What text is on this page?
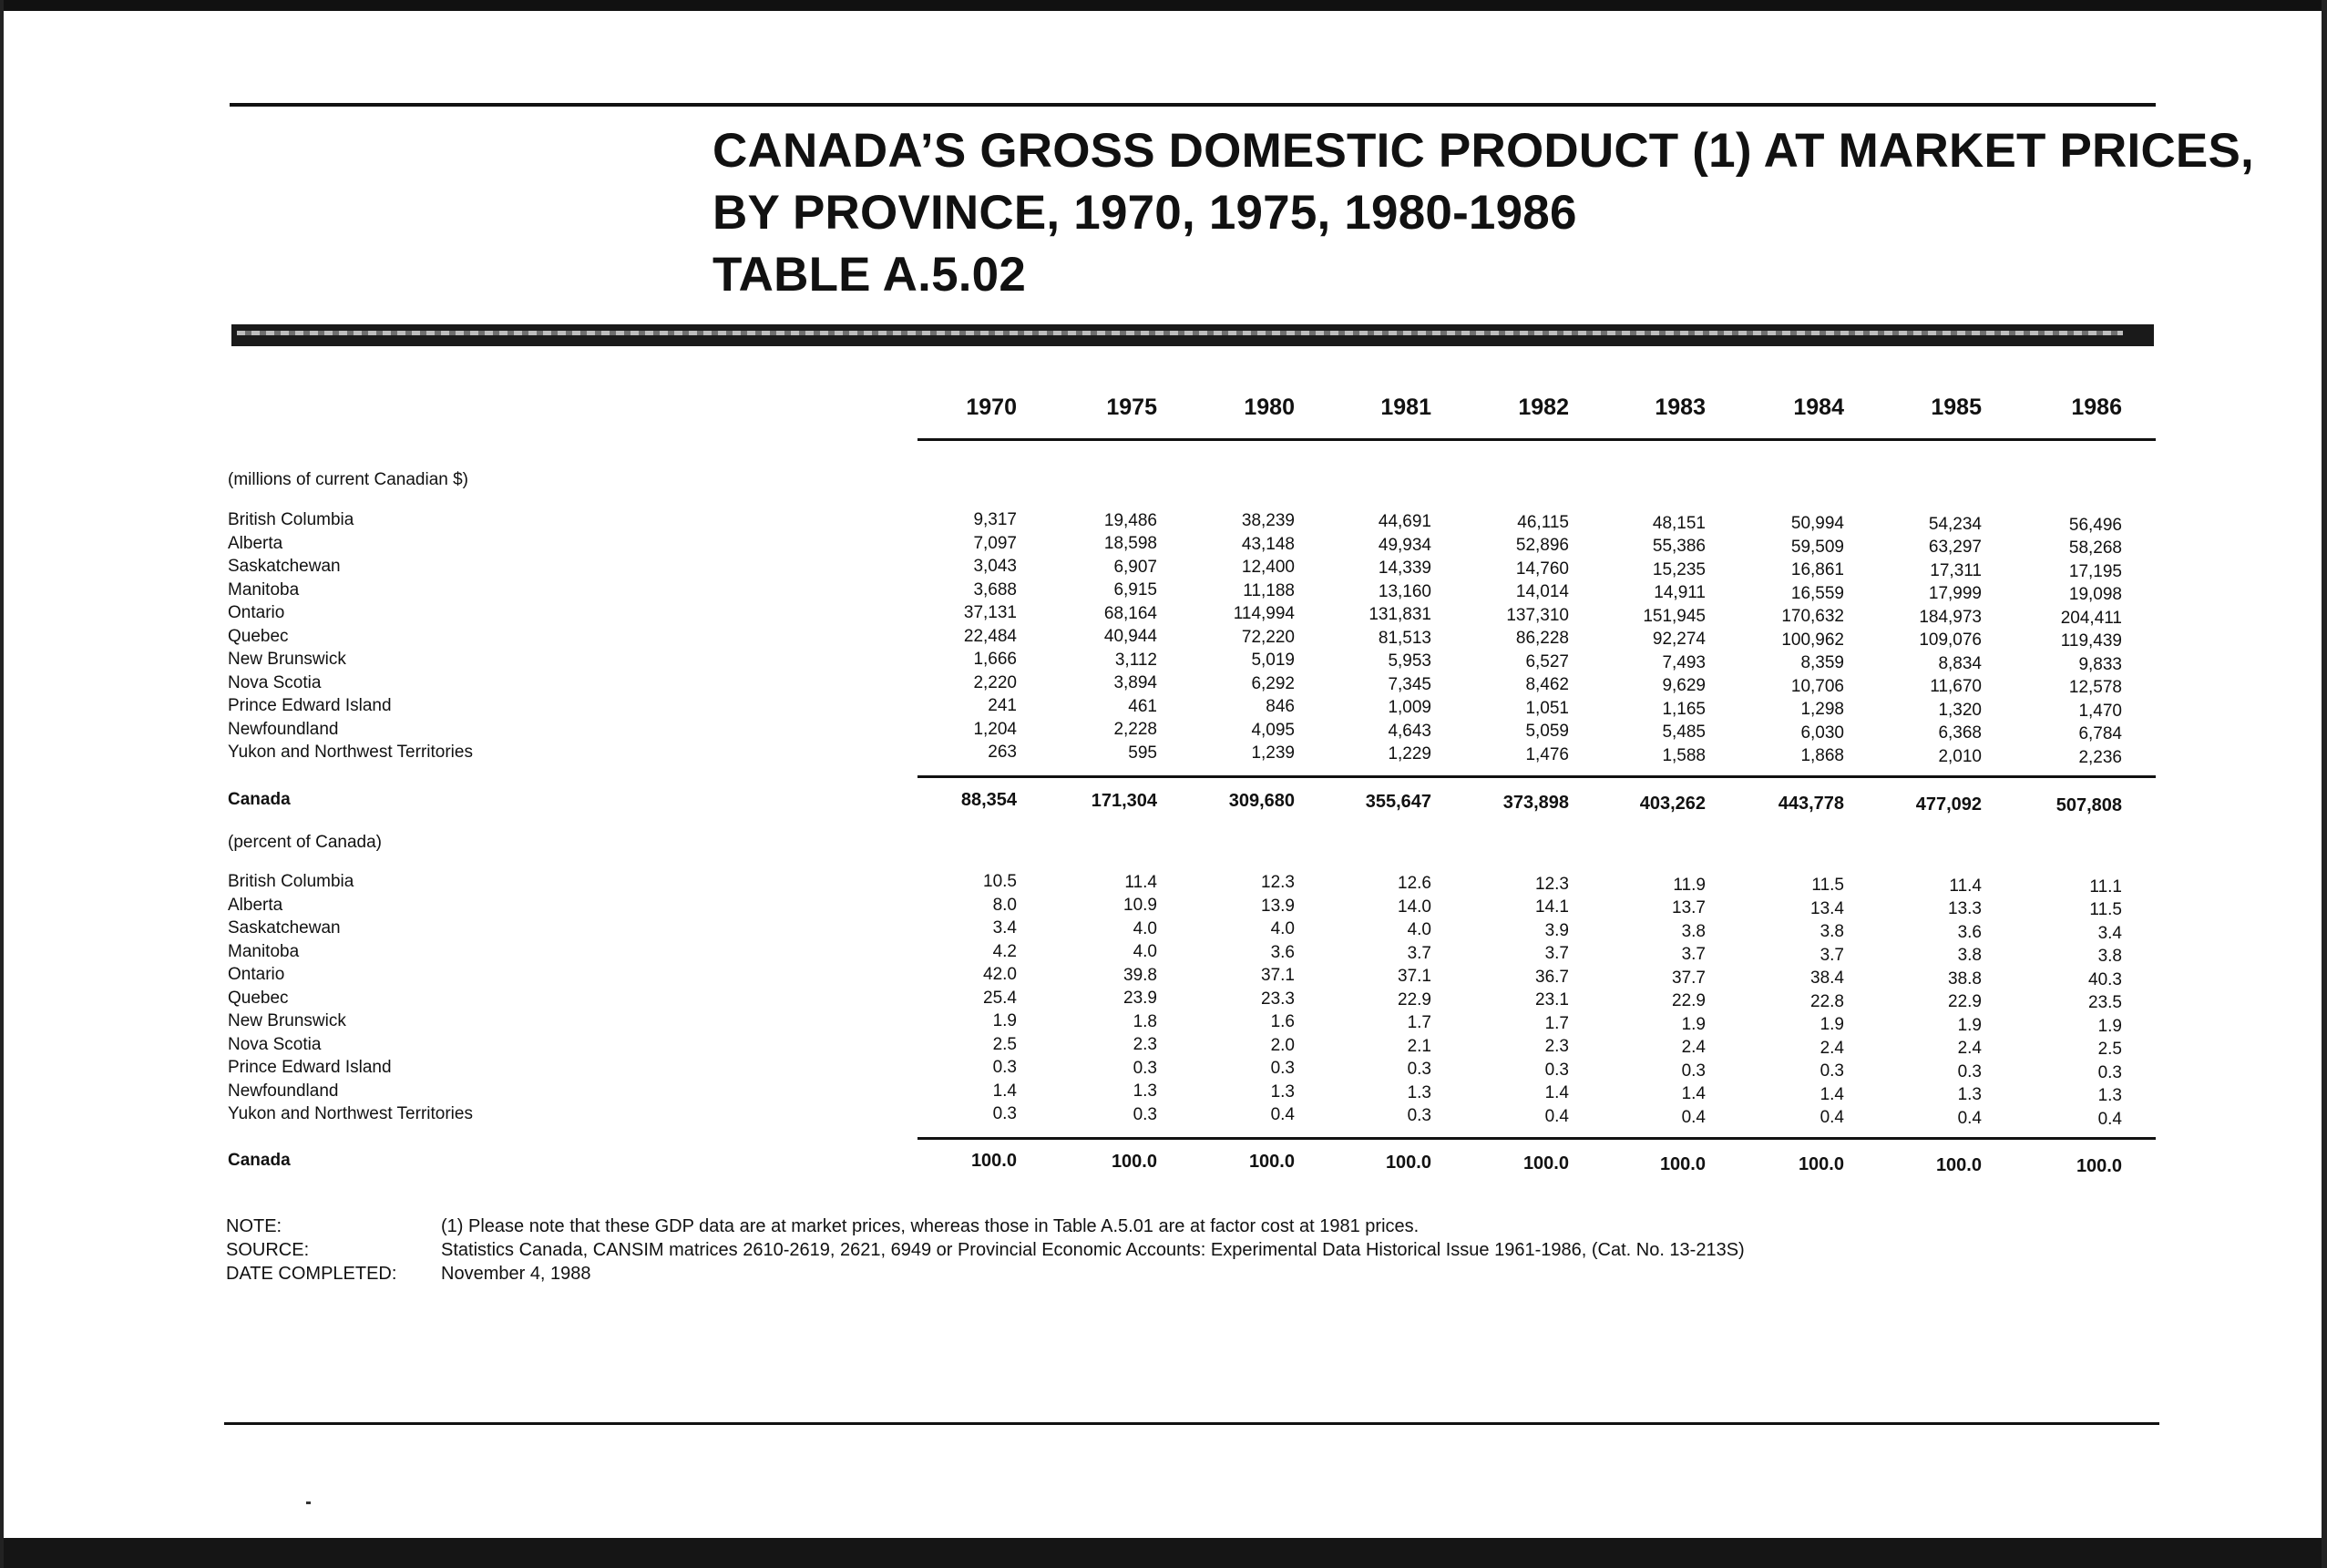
CANADA’S GROSS DOMESTIC PRODUCT (1) AT MARKET PRICES,
BY PROVINCE, 1970, 1975, 1980-1986
TABLE A.5.02
(millions of current Canadian $)
(percent of Canada)
1970	1975	1980	1981	1982	1983	1984	1985	1986
British Columbia	9,317	19,486	38,239	44,691	46,115	48,151	50,994	54,234	56,496
Alberta	7,097	18,598	43,148	49,934	52,896	55,386	59,509	63,297	58,268
Saskatchewan	3,043	6,907	12,400	14,339	14,760	15,235	16,861	17,311	17,195
Manitoba	3,688	6,915	11,188	13,160	14,014	14,911	16,559	17,999	19,098
Ontario	37,131	68,164	114,994	131,831	137,310	151,945	170,632	184,973	204,411
Quebec	22,484	40,944	72,220	81,513	86,228	92,274	100,962	109,076	119,439
New Brunswick	1,666	3,112	5,019	5,953	6,527	7,493	8,359	8,834	9,833
Nova Scotia	2,220	3,894	6,292	7,345	8,462	9,629	10,706	11,670	12,578
Prince Edward Island	241	461	846	1,009	1,051	1,165	1,298	1,320	1,470
Newfoundland	1,204	2,228	4,095	4,643	5,059	5,485	6,030	6,368	6,784
Yukon and Northwest Territories	263	595	1,239	1,229	1,476	1,588	1,868	2,010	2,236
Canada	88,354	171,304	309,680	355,647	373,898	403,262	443,778	477,092	507,808
British Columbia	10.5	11.4	12.3	12.6	12.3	11.9	11.5	11.4	11.1
Alberta	8.0	10.9	13.9	14.0	14.1	13.7	13.4	13.3	11.5
Saskatchewan	3.4	4.0	4.0	4.0	3.9	3.8	3.8	3.6	3.4
Manitoba	4.2	4.0	3.6	3.7	3.7	3.7	3.7	3.8	3.8
Ontario	42.0	39.8	37.1	37.1	36.7	37.7	38.4	38.8	40.3
Quebec	25.4	23.9	23.3	22.9	23.1	22.9	22.8	22.9	23.5
New Brunswick	1.9	1.8	1.6	1.7	1.7	1.9	1.9	1.9	1.9
Nova Scotia	2.5	2.3	2.0	2.1	2.3	2.4	2.4	2.4	2.5
Prince Edward Island	0.3	0.3	0.3	0.3	0.3	0.3	0.3	0.3	0.3
Newfoundland	1.4	1.3	1.3	1.3	1.4	1.4	1.4	1.3	1.3
Yukon and Northwest Territories	0.3	0.3	0.4	0.3	0.4	0.4	0.4	0.4	0.4
Canada	100.0	100.0	100.0	100.0	100.0	100.0	100.0	100.0	100.0
NOTE:	(1) Please note that these GDP data are at market prices, whereas those in Table A.5.01 are at factor cost at 1981 prices.
SOURCE:	Statistics Canada, CANSIM matrices 2610-2619, 2621, 6949 or Provincial Economic Accounts: Experimental Data Historical Issue 1961-1986, (Cat. No. 13-213S)
DATE COMPLETED: November 4, 1988
